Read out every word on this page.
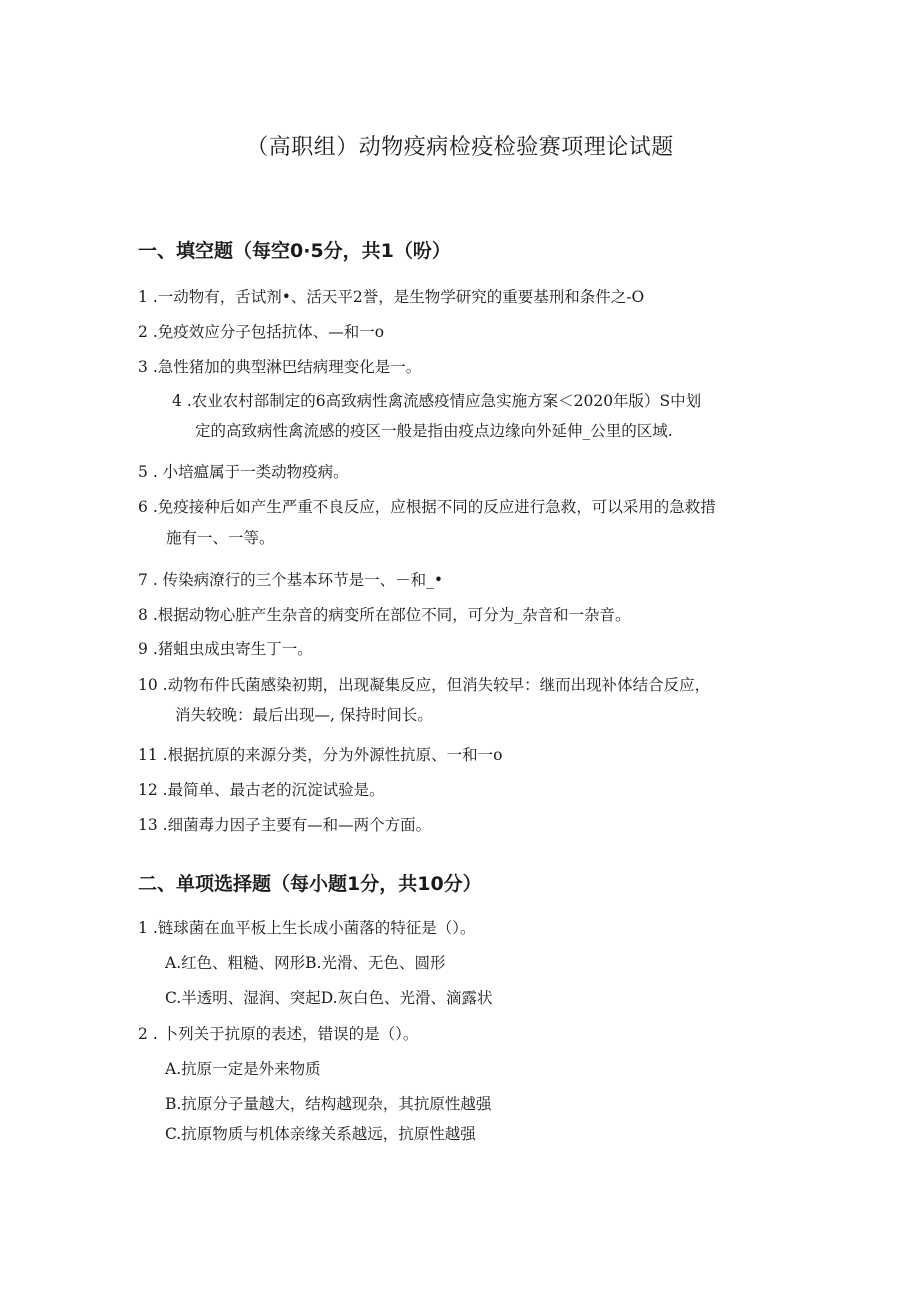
（高职组）动物疫病检疫检验赛项理论试题
一、填空题（每空0·5分，共1（吩）
1 .一动物有，舌试剂•、活天平2誉，是生物学研究的重要基刑和条件之-O
2 .免疫效应分子包括抗体、—和一o
3 .急性猪加的典型淋巴结病理变化是一。
4 .农业农村部制定的6高致病性禽流感疫情应急实施方案＜2020年版）S中划
定的高致病性禽流感的疫区一般是指由疫点边缘向外延伸_公里的区域.
5 . 小培瘟属于一类动物疫病。
6 .免疫接种后如产生严重不良反应，应根据不同的反应进行急救，可以采用的急救措
施有一、一等。
7 . 传染病潦行的三个基本环节是一、－和_•
8 .根据动物心脏产生杂音的病变所在部位不同，可分为_杂音和一杂音。
9 .猪蛆虫成虫寄生丁一。
10 .动物布件氏菌感染初期，出现凝集反应，但消失较早：继而出现补体结合反应，
消失较晚：最后出现—, 保持时间长。
11 .根据抗原的来源分类，分为外源性抗原、一和一o
12 .最简单、最古老的沉淀试验是。
13 .细菌毒力因子主要有—和—两个方面。
二、单项选择题（每小题1分，共10分）
1 .链球菌在血平板上生长成小菌落的特征是（）。
A.红色、粗糙、网形B.光滑、无色、圆形
C.半透明、湿润、突起D.灰白色、光滑、滴露状
2 . 卜列关于抗原的表述，错误的是（）。
A.抗原一定是外来物质
B.抗原分子量越大，结构越现杂，其抗原性越强
C.抗原物质与机体亲缘关系越远，抗原性越强
